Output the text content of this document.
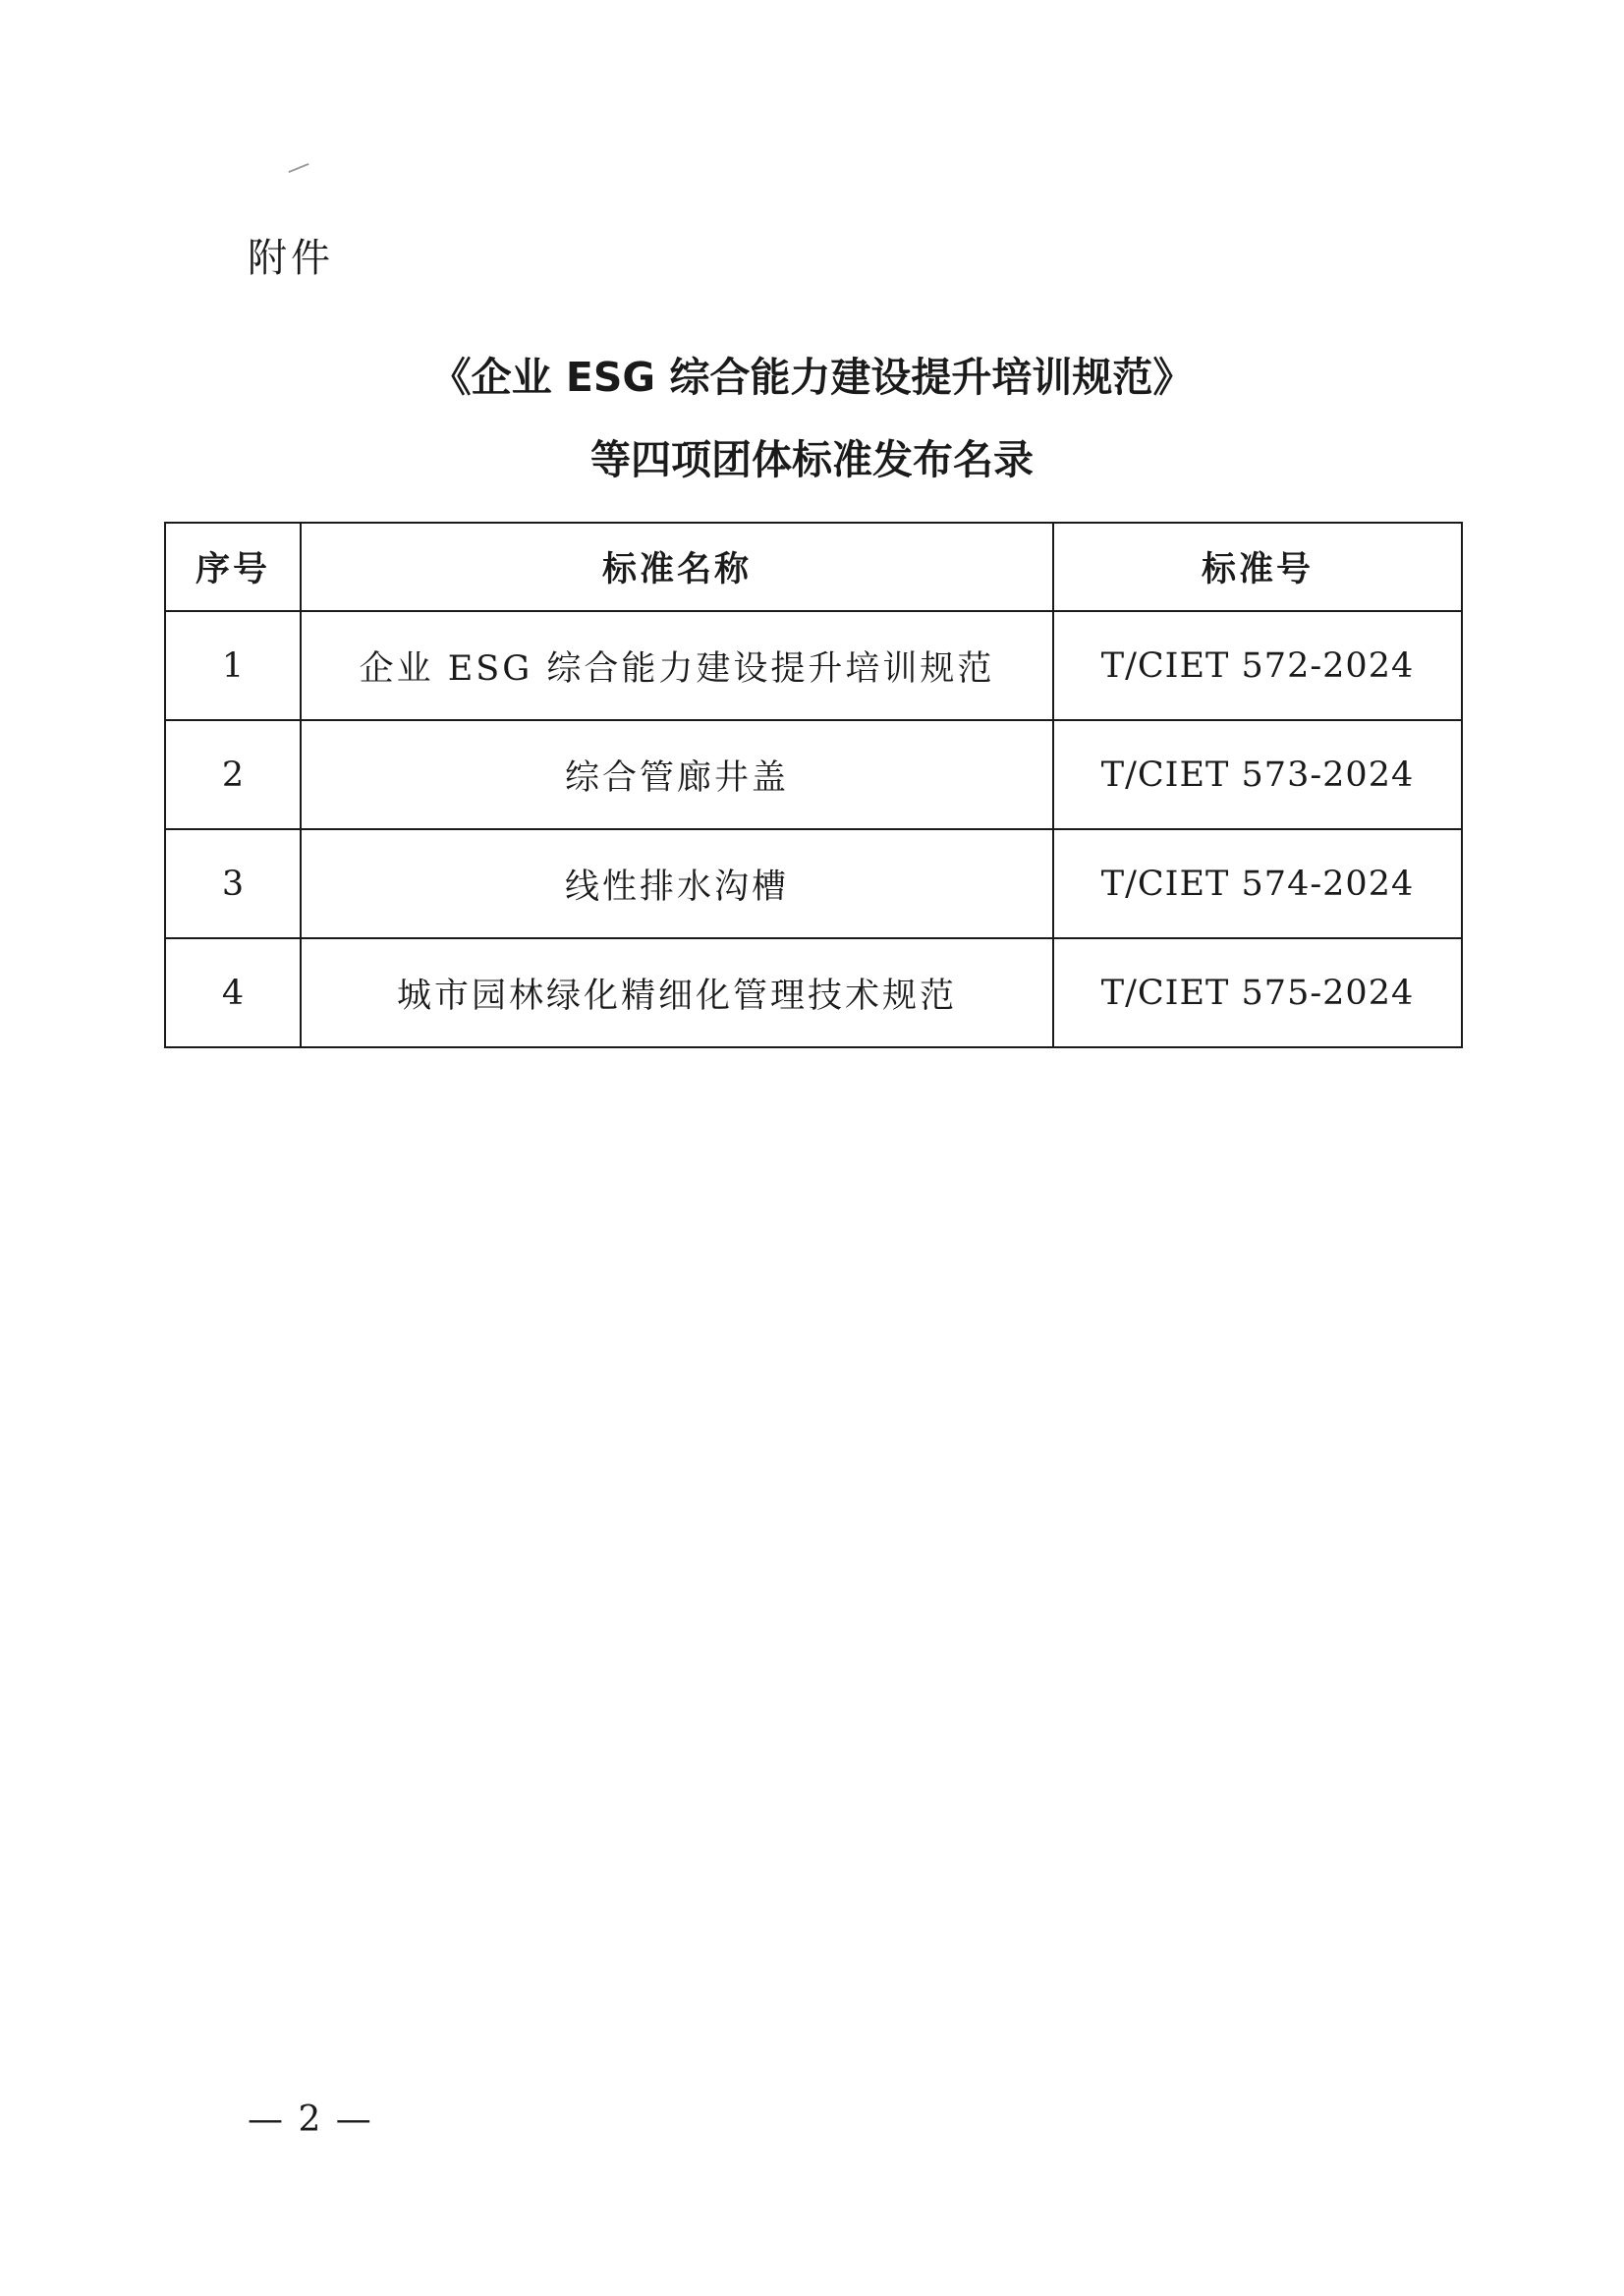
附件
《企业 ESG 综合能力建设提升培训规范》
等四项团体标准发布名录
序号	标准名称	标准号
1	企业 ESG 综合能力建设提升培训规范	T/CIET 572-2024
2	综合管廊井盖	T/CIET 573-2024
3	线性排水沟槽	T/CIET 574-2024
4	城市园林绿化精细化管理技术规范	T/CIET 575-2024
— 2 —
